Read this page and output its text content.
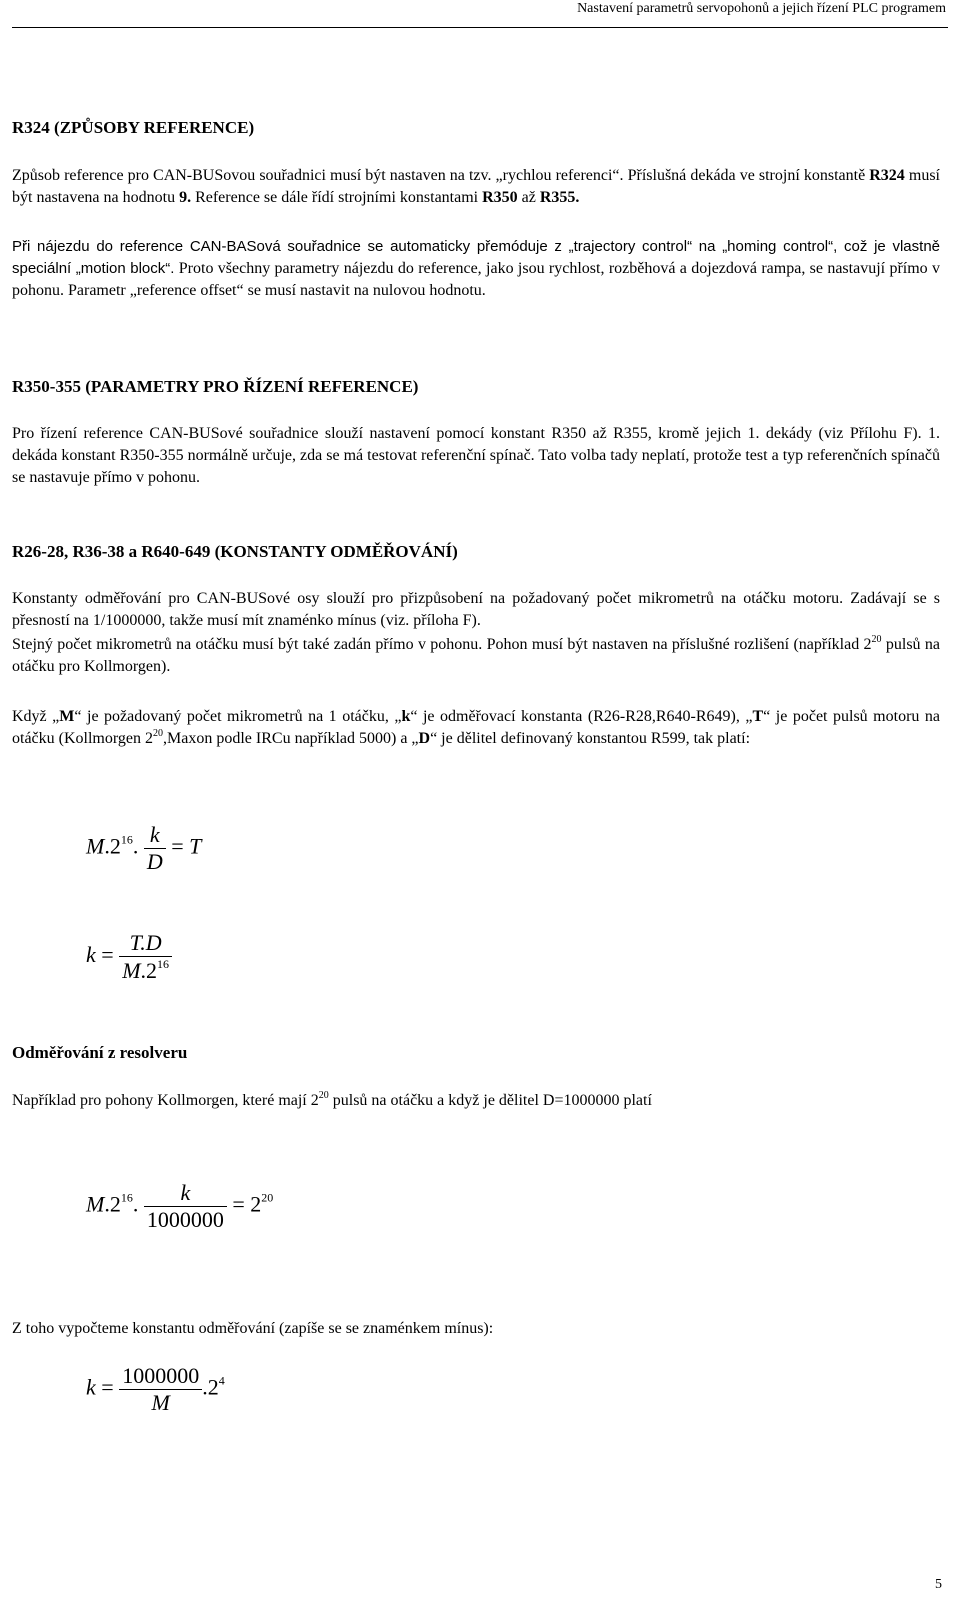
Nastavení parametrů servopohonů a jejich řízení PLC programem
R324 (ZPŮSOBY REFERENCE)

Způsob reference pro CAN-BUSovou souřadnici musí být nastaven na tzv. „rychlou referenci“. Příslušná dekáda ve strojní konstantě R324 musí být nastavena na hodnotu 9. Reference se dále řídí strojními konstantami R350 až R355.

Při nájezdu do reference CAN-BASová souřadnice se automaticky přemóduje z „trajectory control“ na „homing control“, což je vlastně speciální „motion block“. Proto všechny parametry nájezdu do reference, jako jsou rychlost, rozběhová a dojezdová rampa, se nastavují přímo v pohonu. Parametr „reference offset“ se musí nastavit na nulovou hodnotu.

R350-355 (PARAMETRY PRO ŘÍZENÍ REFERENCE)

Pro řízení reference CAN-BUSové souřadnice slouží nastavení pomocí konstant R350 až R355, kromě jejich 1. dekády (viz Přílohu F). 1. dekáda konstant R350-355 normálně určuje, zda se má testovat referenční spínač. Tato volba tady neplatí, protože test a typ referenčních spínačů se nastavuje přímo v pohonu.

R26-28, R36-38 a R640-649 (KONSTANTY ODMĚŘOVÁNÍ)

Konstanty odměřování pro CAN-BUSové osy slouží pro přizpůsobení na požadovaný počet mikrometrů na otáčku motoru. Zadávají se s přesností na 1/1000000, takže musí mít znaménko mínus (viz. příloha F).

Stejný počet mikrometrů na otáčku musí být také zadán přímo v pohonu. Pohon musí být nastaven na příslušné rozlišení (například $2^{20}$ pulsů na otáčku pro Kollmorgen).

Když „M“ je požadovaný počet mikrometrů na 1 otáčku, „k“ je odměřovací konstanta (R26-R28,R640-R649), „T“ je počet pulsů motoru na otáčku (Kollmorgen $2^{20},Maxon$ podle IRCu například 5000) a „D“ je dělitel definovaný konstantou R599, tak platí:

$M.2^{16}$. $\frac{k}{D} = T$
$k = \frac{T.D}{M.2^{16}}$
Odměřování z resolveru

Například pro pohony Kollmorgen, které mají $2^{20}$ pulsů na otáčku a když je dělitel D=1000000 platí

$M.2^{16}$. $\frac{k}{1000000} = 2^{20}$

Z toho vypočteme konstantu odměřování (zapíše se se znaménkem mínus):

$k = \frac{1000000}{M} .2^4$
5
